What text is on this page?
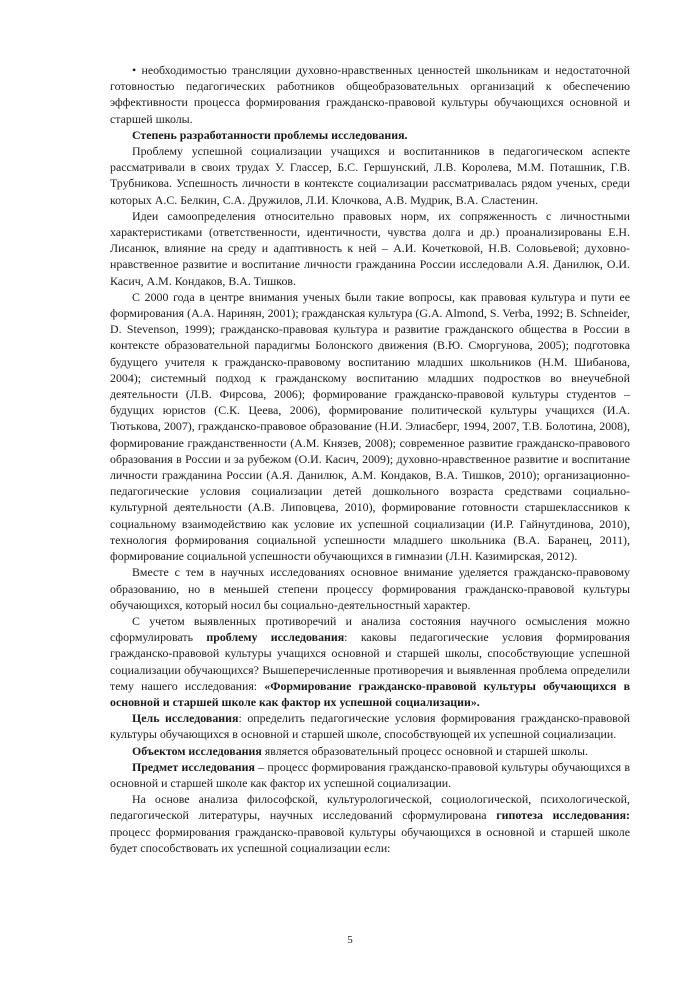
• необходимостью трансляции духовно-нравственных ценностей школьникам и недостаточной готовностью педагогических работников общеобразовательных организаций к обеспечению эффективности процесса формирования гражданско-правовой культуры обучающихся основной и старшей школы.

Степень разработанности проблемы исследования.

Проблему успешной социализации учащихся и воспитанников в педагогическом аспекте рассматривали в своих трудах У. Глассер, Б.С. Гершунский, Л.В. Королева, М.М. Поташник, Г.В. Трубникова. Успешность личности в контексте социализации рассматривалась рядом ученых, среди которых А.С. Белкин, С.А. Дружилов, Л.И. Клочкова, А.В. Мудрик, В.А. Сластенин.

Идеи самоопределения относительно правовых норм, их сопряженность с личностными характеристиками (ответственности, идентичности, чувства долга и др.) проанализированы Е.Н. Лисанюк, влияние на среду и адаптивность к ней – А.И. Кочетковой, Н.В. Соловьевой; духовно-нравственное развитие и воспитание личности гражданина России исследовали А.Я. Данилюк, О.И. Касич, А.М. Кондаков, В.А. Тишков.

С 2000 года в центре внимания ученых были такие вопросы, как правовая культура и пути ее формирования (А.А. Наринян, 2001); гражданская культура (G.A. Almond, S. Verba, 1992; B. Schneider, D. Stevenson, 1999); гражданско-правовая культура и развитие гражданского общества в России в контексте образовательной парадигмы Болонского движения (В.Ю. Сморгунова, 2005); подготовка будущего учителя к гражданско-правовому воспитанию младших школьников (Н.М. Шибанова, 2004); системный подход к гражданскому воспитанию младших подростков во внеучебной деятельности (Л.В. Фирсова, 2006); формирование гражданско-правовой культуры студентов – будущих юристов (С.К. Цеева, 2006), формирование политической культуры учащихся (И.А. Тютькова, 2007), гражданско-правовое образование (Н.И. Элиасберг, 1994, 2007, Т.В. Болотина, 2008), формирование гражданственности (А.М. Князев, 2008); современное развитие гражданско-правового образования в России и за рубежом (О.И. Касич, 2009); духовно-нравственное развитие и воспитание личности гражданина России (А.Я. Данилюк, А.М. Кондаков, В.А. Тишков, 2010); организационно-педагогические условия социализации детей дошкольного возраста средствами социально-культурной деятельности (А.В. Липовцева, 2010), формирование готовности старшеклассников к социальному взаимодействию как условие их успешной социализации (И.Р. Гайнутдинова, 2010), технология формирования социальной успешности младшего школьника (В.А. Баранец, 2011), формирование социальной успешности обучающихся в гимназии (Л.Н. Казимирская, 2012).

Вместе с тем в научных исследованиях основное внимание уделяется гражданско-правовому образованию, но в меньшей степени процессу формирования гражданско-правовой культуры обучающихся, который носил бы социально-деятельностный характер.

С учетом выявленных противоречий и анализа состояния научного осмысления можно сформулировать проблему исследования: каковы педагогические условия формирования гражданско-правовой культуры учащихся основной и старшей школы, способствующие успешной социализации обучающихся? Вышеперечисленные противоречия и выявленная проблема определили тему нашего исследования: «Формирование гражданско-правовой культуры обучающихся в основной и старшей школе как фактор их успешной социализации».

Цель исследования: определить педагогические условия формирования гражданско-правовой культуры обучающихся в основной и старшей школе, способствующей их успешной социализации.

Объектом исследования является образовательный процесс основной и старшей школы.

Предмет исследования – процесс формирования гражданско-правовой культуры обучающихся в основной и старшей школе как фактор их успешной социализации.

На основе анализа философской, культурологической, социологической, психологической, педагогической литературы, научных исследований сформулирована гипотеза исследования: процесс формирования гражданско-правовой культуры обучающихся в основной и старшей школе будет способствовать их успешной социализации если:

5
